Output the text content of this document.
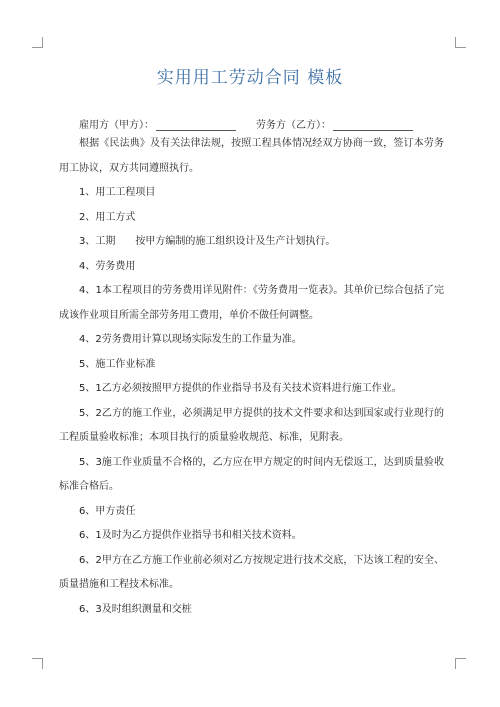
实用用工劳动合同 模板
雇用方（甲方）：	劳务方（乙方）：

根据《民法典》及有关法律法规，按照工程具体情况经双方协商一致，签订本劳务用工协议，双方共同遵照执行。

1、用工工程项目

2、用工方式

3、工期　　按甲方编制的施工组织设计及生产计划执行。

4、劳务费用

4、1本工程项目的劳务费用详见附件：《劳务费用一览表》。其单价已综合包括了完成该作业项目所需全部劳务用工费用，单价不做任何调整。

4、2劳务费用计算以现场实际发生的工作量为准。

5、施工作业标准

5、1乙方必须按照甲方提供的作业指导书及有关技术资料进行施工作业。

5、2乙方的施工作业，必须满足甲方提供的技术文件要求和达到国家或行业现行的工程质量验收标准；本项目执行的质量验收规范、标准，见附表。

5、3施工作业质量不合格的，乙方应在甲方规定的时间内无偿返工，达到质量验收标准合格后。

6、甲方责任

6、1及时为乙方提供作业指导书和相关技术资料。

6、2甲方在乙方施工作业前必须对乙方按规定进行技术交底，下达该工程的安全、质量措施和工程技术标准。

6、3及时组织测量和交桩
